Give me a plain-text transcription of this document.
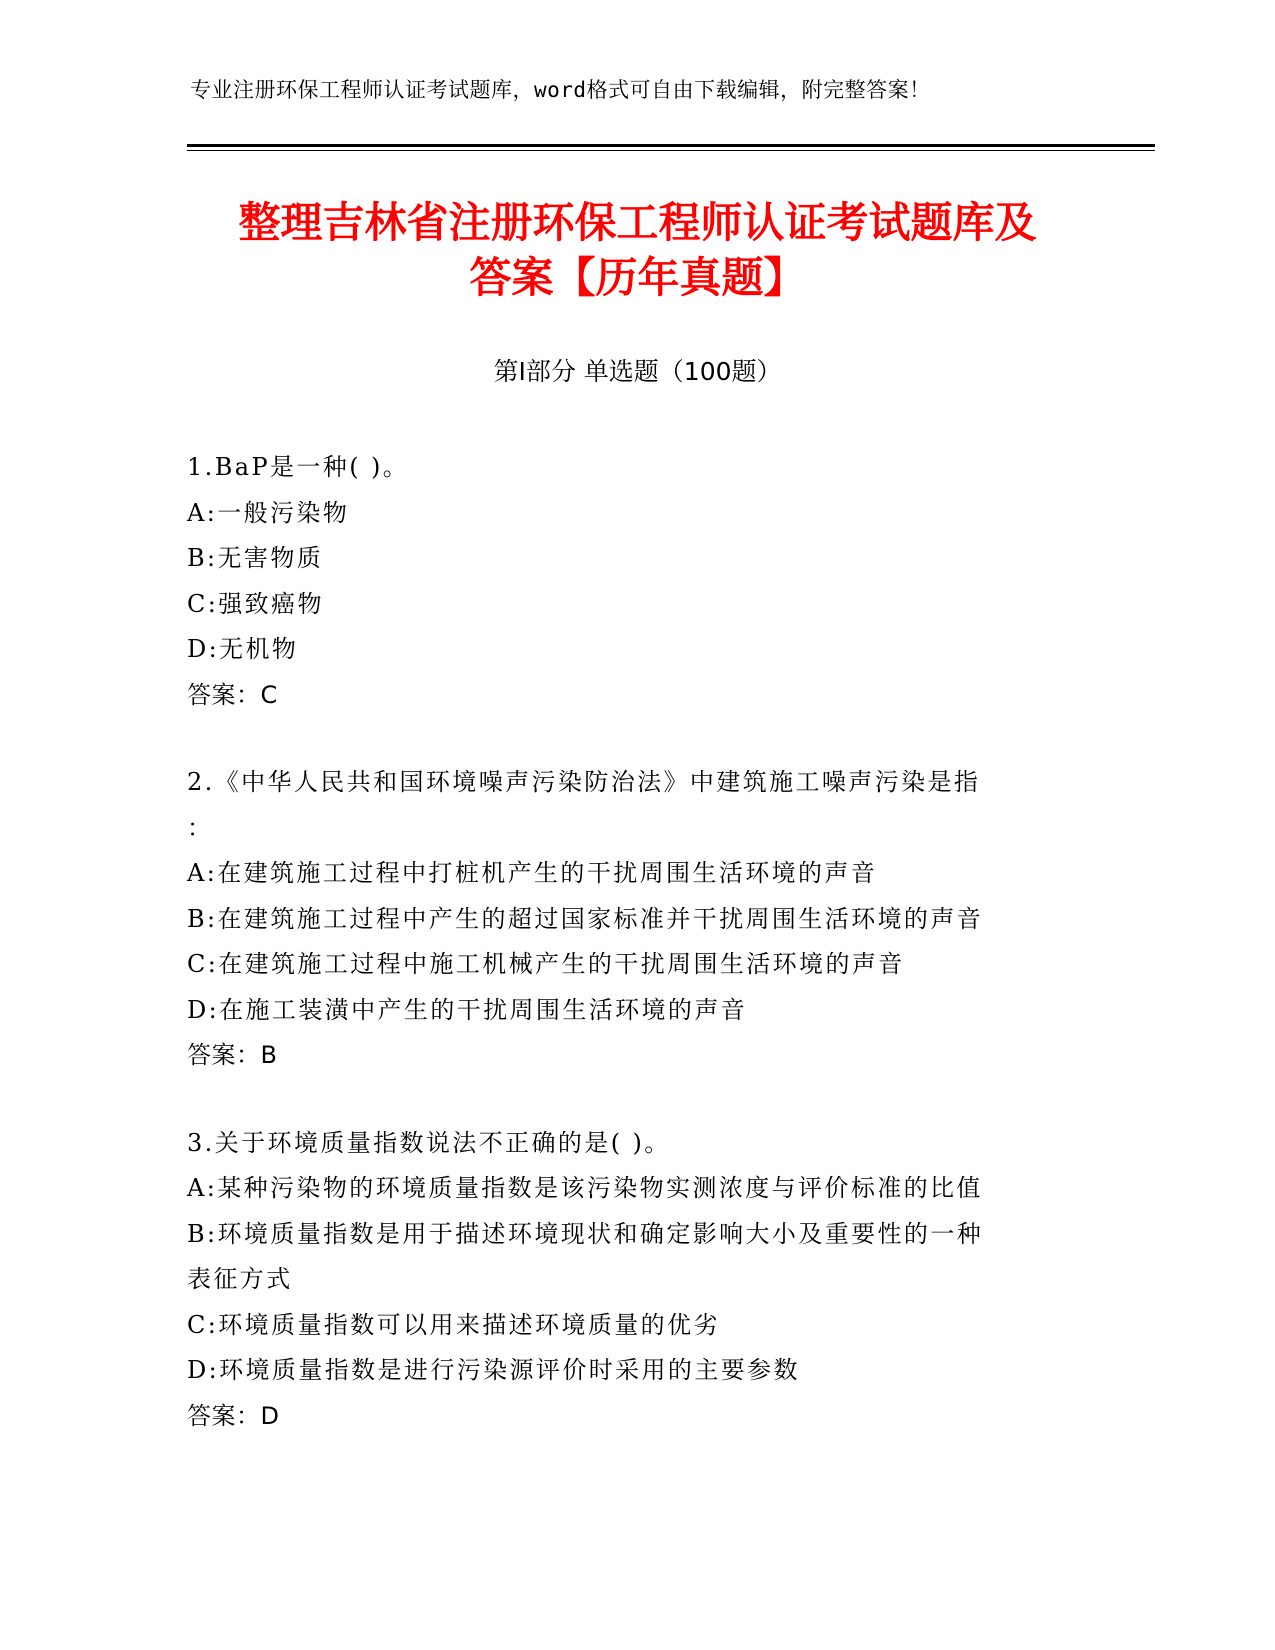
专业注册环保工程师认证考试题库，word格式可自由下载编辑，附完整答案！
整理吉林省注册环保工程师认证考试题库及
答案【历年真题】
第I部分 单选题（100题）
1.BaP是一种( )。
A:一般污染物
B:无害物质
C:强致癌物
D:无机物
答案：C
2.《中华人民共和国环境噪声污染防治法》中建筑施工噪声污染是指
：
A:在建筑施工过程中打桩机产生的干扰周围生活环境的声音
B:在建筑施工过程中产生的超过国家标准并干扰周围生活环境的声音
C:在建筑施工过程中施工机械产生的干扰周围生活环境的声音
D:在施工装潢中产生的干扰周围生活环境的声音
答案：B
3.关于环境质量指数说法不正确的是( )。
A:某种污染物的环境质量指数是该污染物实测浓度与评价标准的比值
B:环境质量指数是用于描述环境现状和确定影响大小及重要性的一种
表征方式
C:环境质量指数可以用来描述环境质量的优劣
D:环境质量指数是进行污染源评价时采用的主要参数
答案：D
